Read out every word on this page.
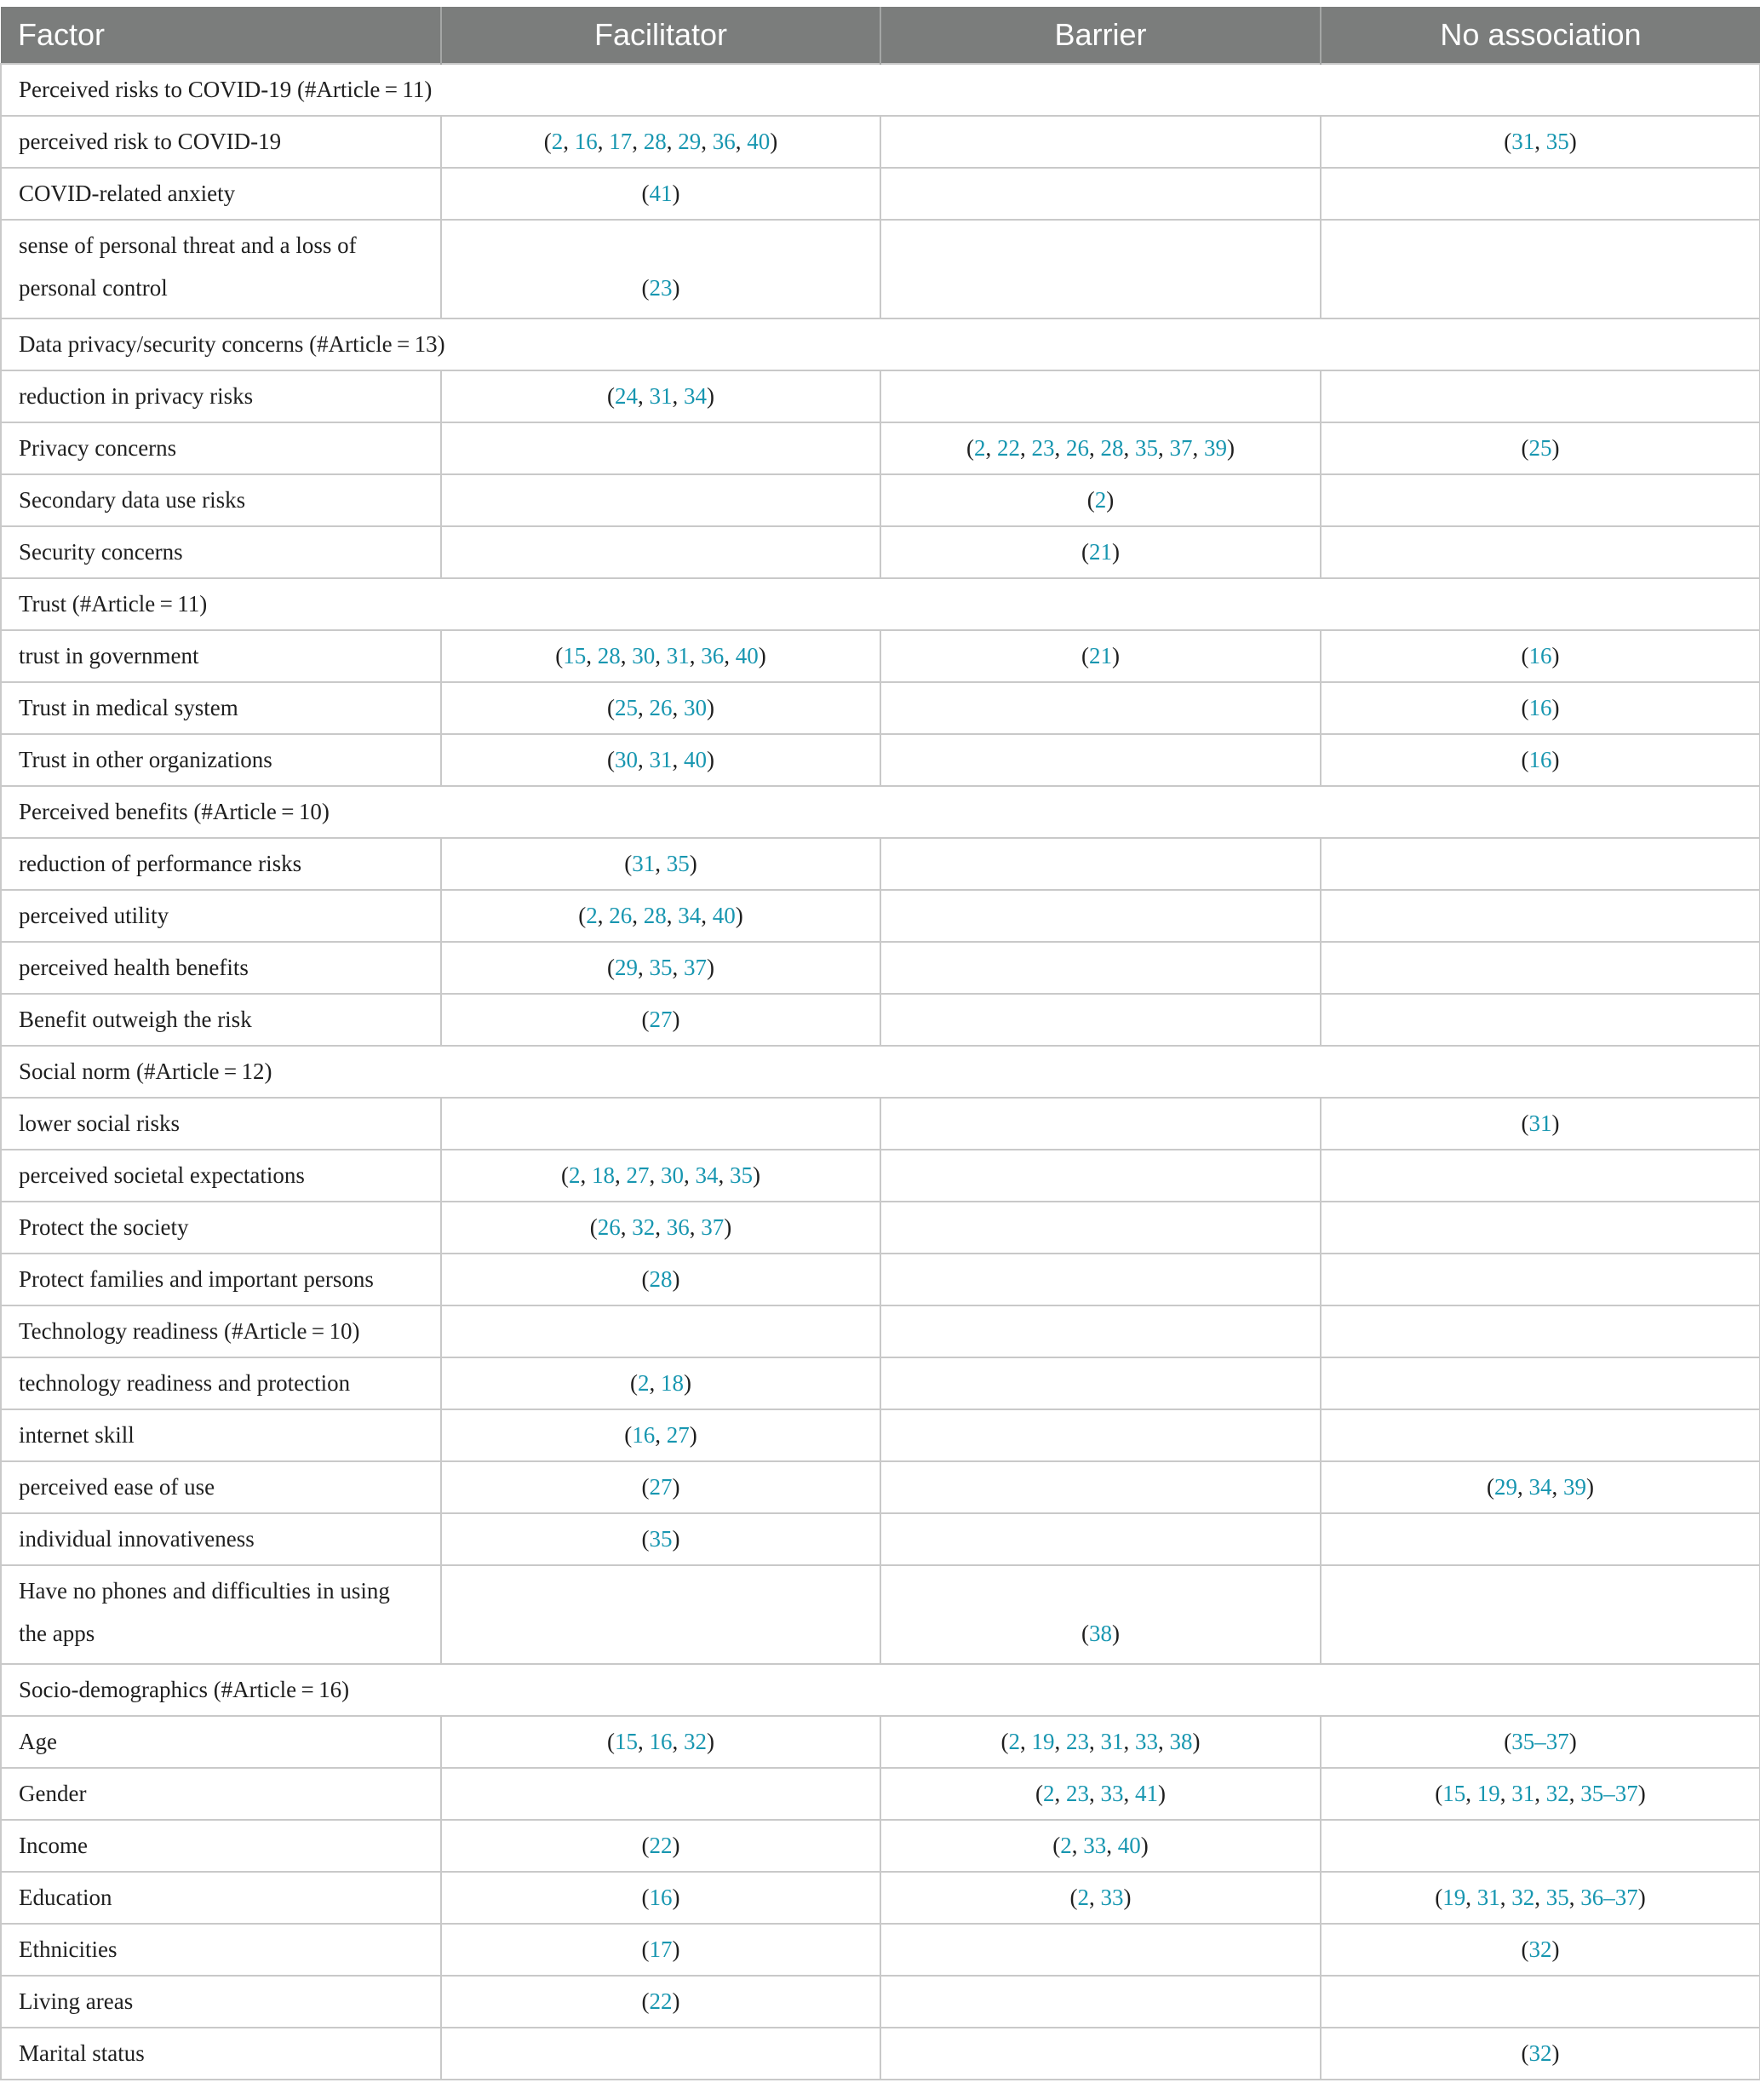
Factor	Facilitator	Barrier	No association
Perceived risks to COVID-19 (#Article = 11)			
perceived risk to COVID-19	(2, 16, 17, 28, 29, 36, 40)		(31, 35)
COVID-related anxiety	(41)		
sense of personal threat and a loss of personal control	(23)		
Data privacy/security concerns (#Article = 13)			
reduction in privacy risks	(24, 31, 34)		
Privacy concerns		(2, 22, 23, 26, 28, 35, 37, 39)	(25)
Secondary data use risks		(2)	
Security concerns		(21)	
Trust (#Article = 11)			
trust in government	(15, 28, 30, 31, 36, 40)	(21)	(16)
Trust in medical system	(25, 26, 30)		(16)
Trust in other organizations	(30, 31, 40)		(16)
Perceived benefits (#Article = 10)			
reduction of performance risks	(31, 35)		
perceived utility	(2, 26, 28, 34, 40)		
perceived health benefits	(29, 35, 37)		
Benefit outweigh the risk	(27)		
Social norm (#Article = 12)			
lower social risks			(31)
perceived societal expectations	(2, 18, 27, 30, 34, 35)		
Protect the society	(26, 32, 36, 37)		
Protect families and important persons	(28)		
Technology readiness (#Article = 10)			
technology readiness and protection	(2, 18)		
internet skill	(16, 27)		
perceived ease of use	(27)		(29, 34, 39)
individual innovativeness	(35)		
Have no phones and difficulties in using the apps		(38)	
Socio-demographics (#Article = 16)			
Age	(15, 16, 32)	(2, 19, 23, 31, 33, 38)	(35–37)
Gender		(2, 23, 33, 41)	(15, 19, 31, 32, 35–37)
Income	(22)	(2, 33, 40)	
Education	(16)	(2, 33)	(19, 31, 32, 35, 36–37)
Ethnicities	(17)		(32)
Living areas	(22)		
Marital status			(32)
